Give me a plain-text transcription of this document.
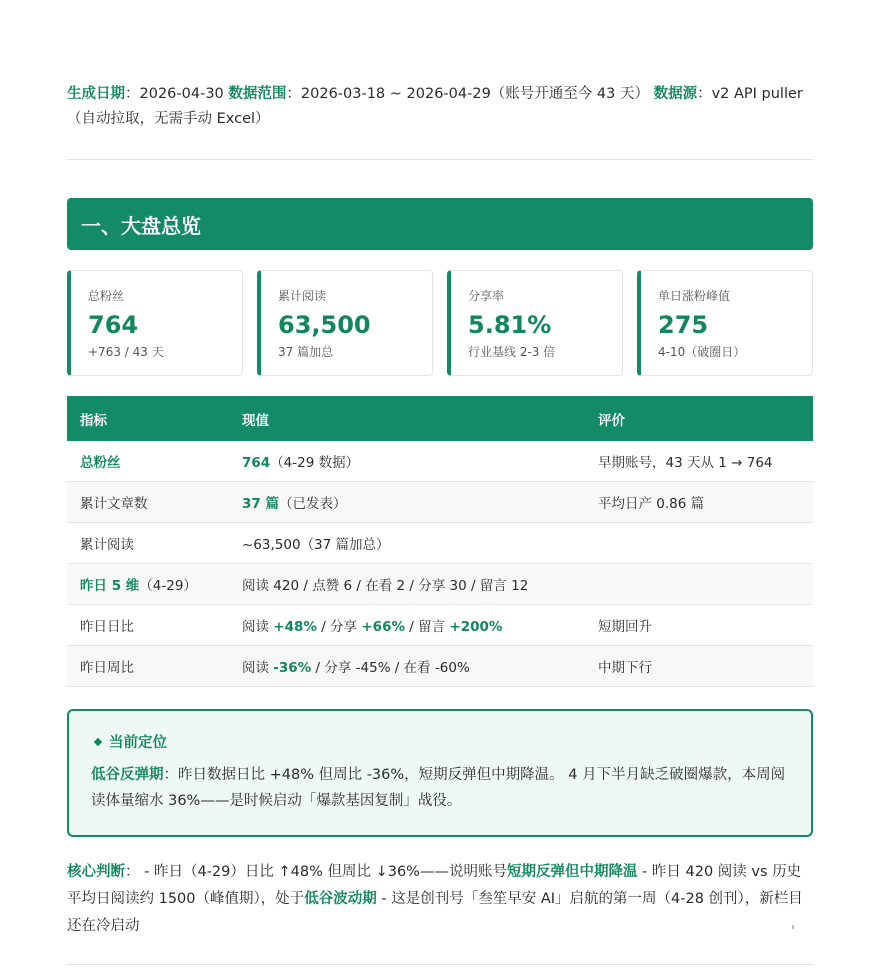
生成日期：2026-04-30 数据范围：2026-03-18 ~ 2026-04-29（账号开通至今 43 天） 数据源：v2 API puller（自动拉取，无需手动 Excel）
一、大盘总览
总粉丝
764
+763 / 43 天
累计阅读
63,500
37 篇加总
分享率
5.81%
行业基线 2-3 倍
单日涨粉峰值
275
4-10（破圈日）
指标	现值	评价
总粉丝	764（4-29 数据）	早期账号，43 天从 1 → 764
累计文章数	37 篇（已发表）	平均日产 0.86 篇
累计阅读	~63,500（37 篇加总）	
昨日 5 维（4-29）	阅读 420 / 点赞 6 / 在看 2 / 分享 30 / 留言 12	
昨日日比	阅读 +48% / 分享 +66% / 留言 +200%	短期回升
昨日周比	阅读 -36% / 分享 -45% / 在看 -60%	中期下行
当前定位
低谷反弹期：昨日数据日比 +48% 但周比 -36%，短期反弹但中期降温。 4 月下半月缺乏破圈爆款，本周阅读体量缩水 36%——是时候启动「爆款基因复制」战役。
核心判断： - 昨日（4-29）日比 ↑48% 但周比 ↓36%——说明账号短期反弹但中期降温 - 昨日 420 阅读 vs 历史平均日阅读约 1500（峰值期），处于低谷波动期 - 这是创刊号「叁笙早安 AI」启航的第一周（4-28 创刊），新栏目还在冷启动
